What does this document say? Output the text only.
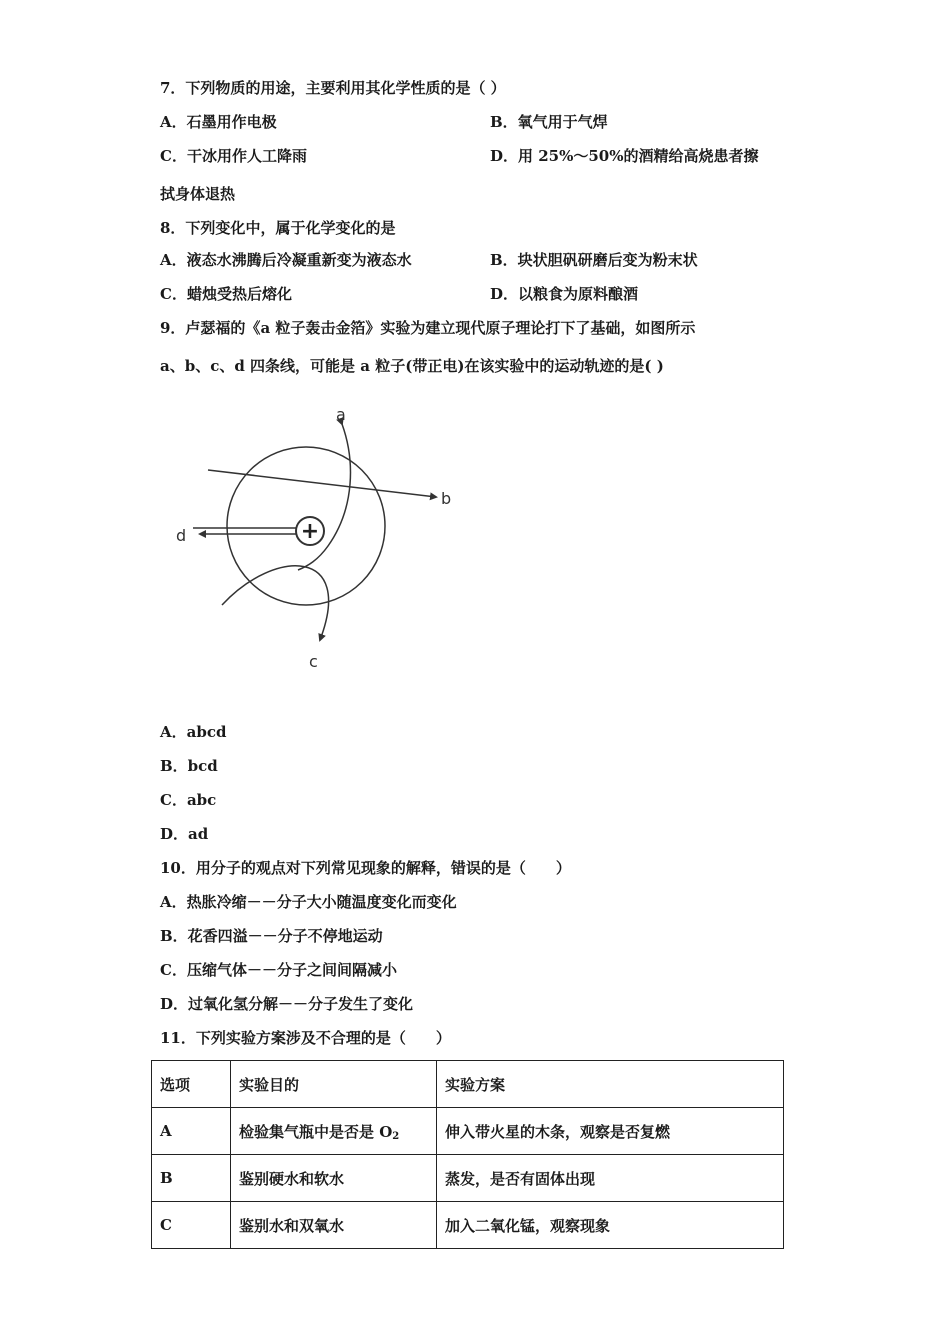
7．下列物质的用途，主要利用其化学性质的是（ ）
A．石墨用作电极	B．氧气用于气焊
C．干冰用作人工降雨	D．用 25%～50%的酒精给高烧患者擦
拭身体退热
8．下列变化中，属于化学变化的是
A．液态水沸腾后冷凝重新变为液态水	B．块状胆矾研磨后变为粉末状
C．蜡烛受热后熔化	D．以粮食为原料酿酒
9．卢瑟福的《a 粒子轰击金箔》实验为建立现代原子理论打下了基础，如图所示
a、b、c、d 四条线，可能是 a 粒子(带正电)在该实验中的运动轨迹的是( )
+
a
b
c
d
A．abcd
B．bcd
C．abc
D．ad
10．用分子的观点对下列常见现象的解释，错误的是（　　）
A．热胀冷缩－－分子大小随温度变化而变化
B．花香四溢－－分子不停地运动
C．压缩气体－－分子之间间隔减小
D．过氧化氢分解－－分子发生了变化
11．下列实验方案涉及不合理的是（　　）
选项	实验目的	实验方案
A	检验集气瓶中是否是 $O_2$	伸入带火星的木条，观察是否复燃
B	鉴别硬水和软水	蒸发，是否有固体出现
C	鉴别水和双氧水	加入二氧化锰，观察现象
